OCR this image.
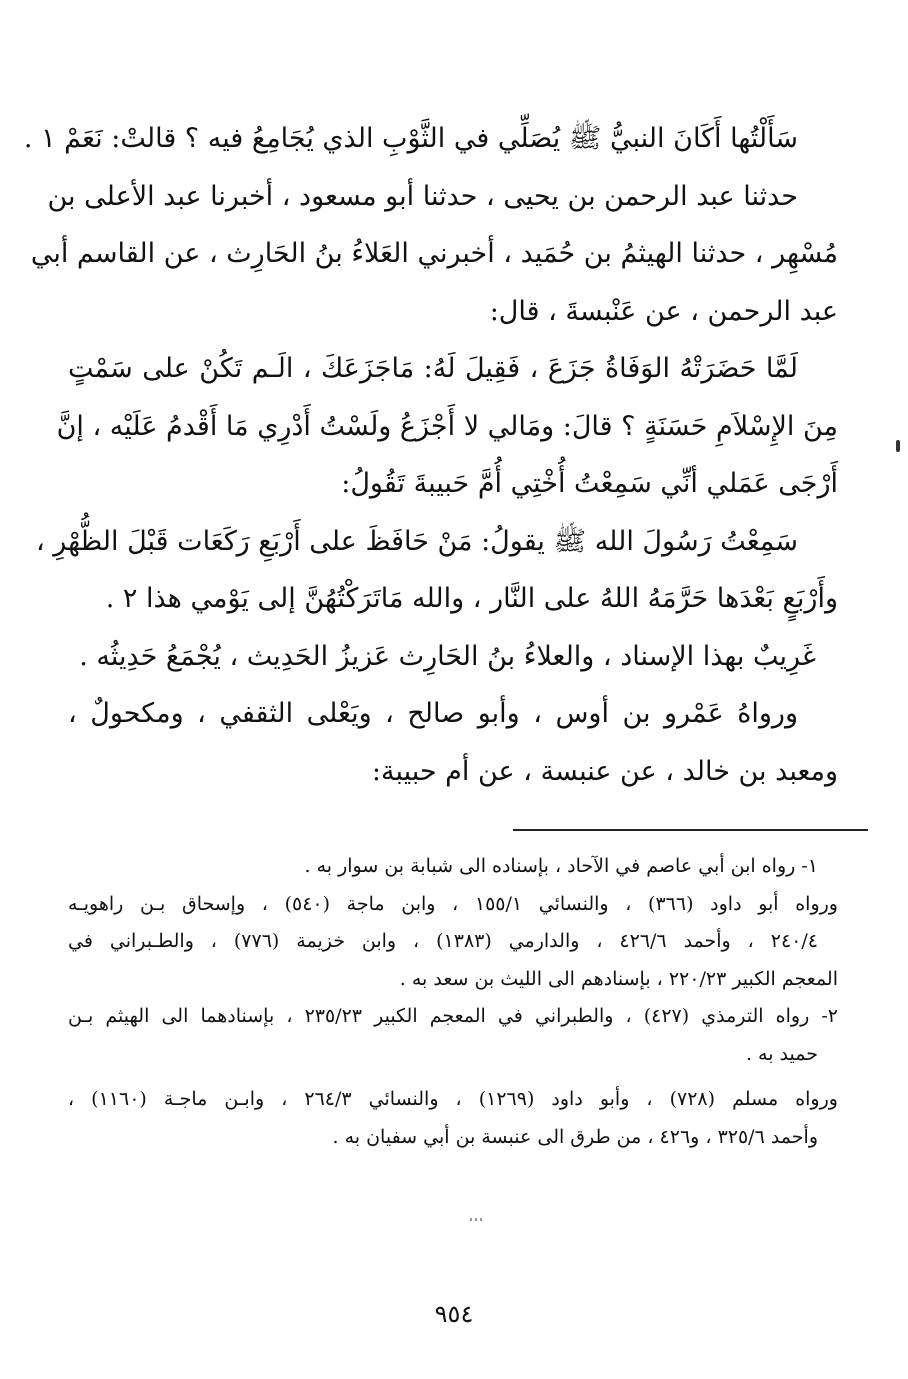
سَأَلْتُها أَكَانَ النبيُّ ﷺ يُصَلِّي في الثَّوْبِ الذي يُجَامِعُ فيه ؟ قالتْ: نَعَمْ ١ .
حدثنا عبد الرحمن بن يحيى ، حدثنا أبو مسعود ، أخبرنا عبد الأعلى بن
مُسْهِر ، حدثنا الهيثمُ بن حُمَيد ، أخبرني العَلاءُ بنُ الحَارِث ، عن القاسم أبي
عبد الرحمن ، عن عَنْبسةَ ، قال:
لَمَّا حَضَرَتْهُ الوَفَاةُ جَزَعَ ، فَقِيلَ لَهُ: مَاجَزَعَكَ ، الَـم تَكُنْ على سَمْتٍ
مِنَ الإِسْلاَمِ حَسَنَةٍ ؟ قالَ: ومَالي لا أَجْزَعُ ولَسْتُ أَدْرِي مَا أَقْدمُ عَلَيْه ، إنَّ
أَرْجَى عَمَلي أنِّي سَمِعْتُ أُخْتِي أُمَّ حَبيبةَ تَقُولُ:
سَمِعْتُ رَسُولَ الله ﷺ يقولُ: مَنْ حَافَظَ على أَرْبَعِ رَكَعَات قَبْلَ الظُّهْرِ ،
وأَرْبَعٍ بَعْدَها حَرَّمَهُ اللهُ على النَّار ، والله مَاتَرَكْتُهُنَّ إلى يَوْمي هذا ٢ .
غَرِيبٌ بهذا الإسناد ، والعلاءُ بنُ الحَارِث عَزيزُ الحَدِيث ، يُجْمَعُ حَدِيثُه .
ورواهُ عَمْرو بن أوس ، وأبو صالح ، ويَعْلى الثقفي ، ومكحولٌ ،
ومعبد بن خالد ، عن عنبسة ، عن أم حبيبة:
١- رواه ابن أبي عاصم في الآحاد ، بإسناده الى شبابة بن سوار به .
ورواه أبو داود (٣٦٦) ، والنسائي ١٥٥/١ ، وابن ماجة (٥٤٠) ، وإسحاق بـن راهويـه
٢٤٠/٤ ، وأحمد ٤٢٦/٦ ، والدارمي (١٣٨٣) ، وابن خزيمة (٧٧٦) ، والطـبراني في
المعجم الكبير ٢٢٠/٢٣ ، بإسنادهم الى الليث بن سعد به .
٢- رواه الترمذي (٤٢٧) ، والطبراني في المعجم الكبير ٢٣٥/٢٣ ، بإسنادهما الى الهيثم بـن
حميد به .
ورواه مسلم (٧٢٨) ، وأبو داود (١٢٦٩) ، والنسائي ٢٦٤/٣ ، وابـن ماجـة (١١٦٠) ،
وأحمد ٣٢٥/٦ ، و٤٢٦ ، من طرق الى عنبسة بن أبي سفيان به .
٩٥٤
